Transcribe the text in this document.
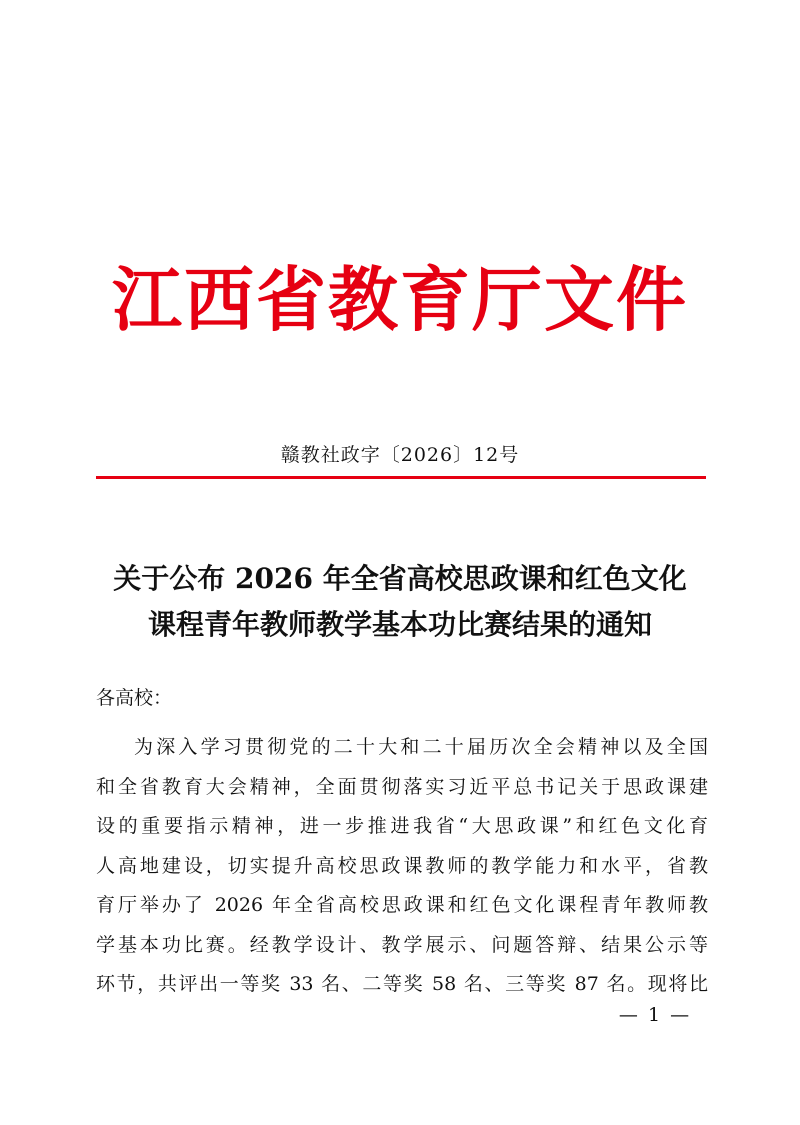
江西省教育厅文件
赣教社政字〔2026〕12号
关于公布 2026 年全省高校思政课和红色文化
课程青年教师教学基本功比赛结果的通知
各高校：
为深入学习贯彻党的二十大和二十届历次全会精神以及全国
和全省教育大会精神，全面贯彻落实习近平总书记关于思政课建
设的重要指示精神，进一步推进我省“大思政课”和红色文化育
人高地建设，切实提升高校思政课教师的教学能力和水平，省教
育厅举办了 2026 年全省高校思政课和红色文化课程青年教师教
学基本功比赛。经教学设计、教学展示、问题答辩、结果公示等
环节，共评出一等奖 33 名、二等奖 58 名、三等奖 87 名。现将比
— 1 —
